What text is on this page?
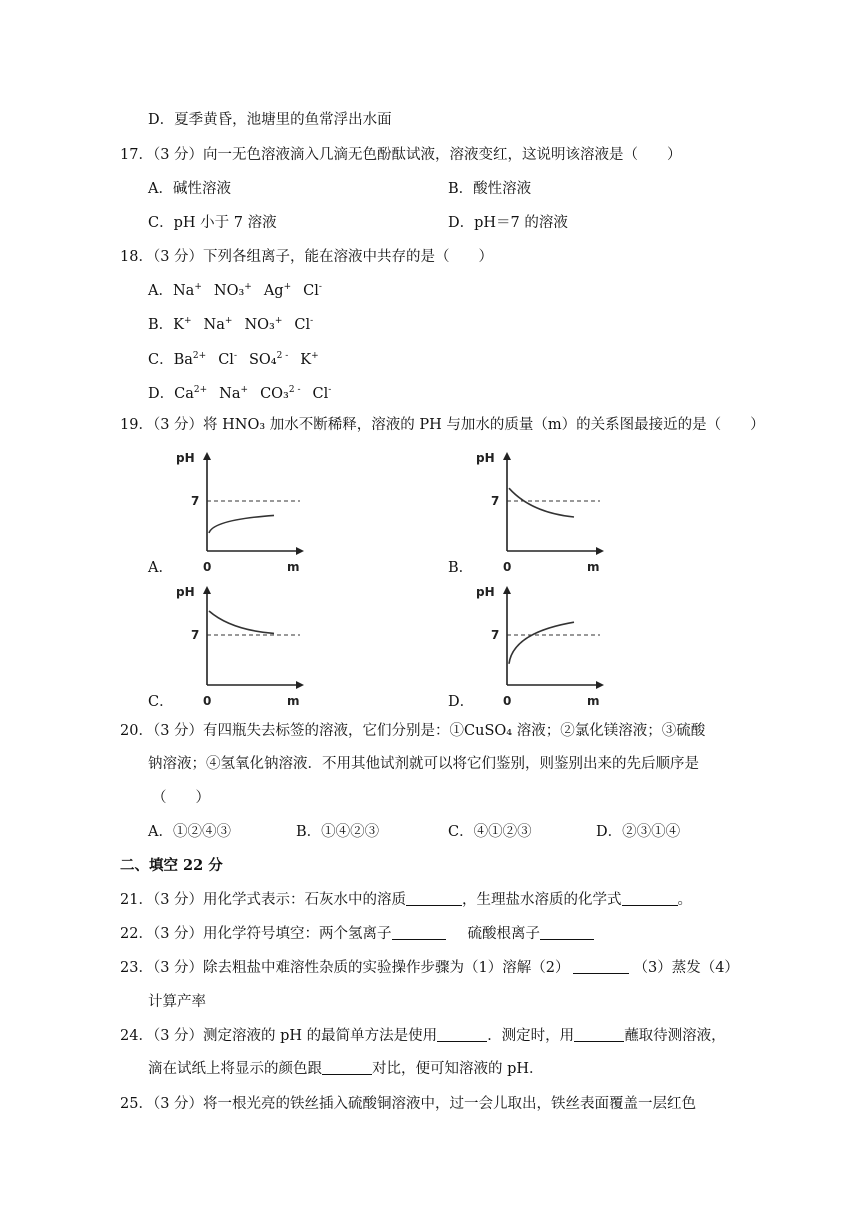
D．夏季黄昏，池塘里的鱼常浮出水面
17．（3 分）向一无色溶液滴入几滴无色酚酞试液，溶液变红，这说明该溶液是（　　）
A．碱性溶液	B．酸性溶液
C．pH 小于 7 溶液	D．pH＝7 的溶液
18．（3 分）下列各组离子，能在溶液中共存的是（　　）
A．Na+ NO₃+ Ag+ Cl-
B．K+ Na+ NO₃+ Cl-
C．$Ba^{2+}$ Cl- SO₄$^{2 -}$ K+
D．$Ca^{2+}$ Na+ CO₃$^{2 -}$ Cl-
19．（3 分）将 HNO₃ 加水不断稀释，溶液的 PH 与加水的质量（m）的关系图最接近的是（　　）
A．
pH
7
0	m	B．
pH
7
0	m
C．
pH
7
0	m	D．
pH
7
0	m
20．（3 分）有四瓶失去标签的溶液，它们分别是：①CuSO₄ 溶液；②氯化镁溶液；③硫酸
钠溶液；④氢氧化钠溶液．不用其他试剂就可以将它们鉴别，则鉴别出来的先后顺序是
（　　）
A．①②④③	B．①④②③	C．④①②③	D．②③①④
二、填空 22 分
21．（3 分）用化学式表示：石灰水中的溶质	，生理盐水溶质的化学式	。
22．（3 分）用化学符号填空：两个氢离子	硫酸根离子
23．（3 分）除去粗盐中难溶性杂质的实验操作步骤为（1）溶解（2）	（3）蒸发（4）
计算产率
24．（3 分）测定溶液的 pH 的最简单方法是使用	．测定时，用	蘸取待测溶液，
滴在试纸上将显示的颜色跟	对比，便可知溶液的 pH．
25．（3 分）将一根光亮的铁丝插入硫酸铜溶液中，过一会儿取出，铁丝表面覆盖一层红色
